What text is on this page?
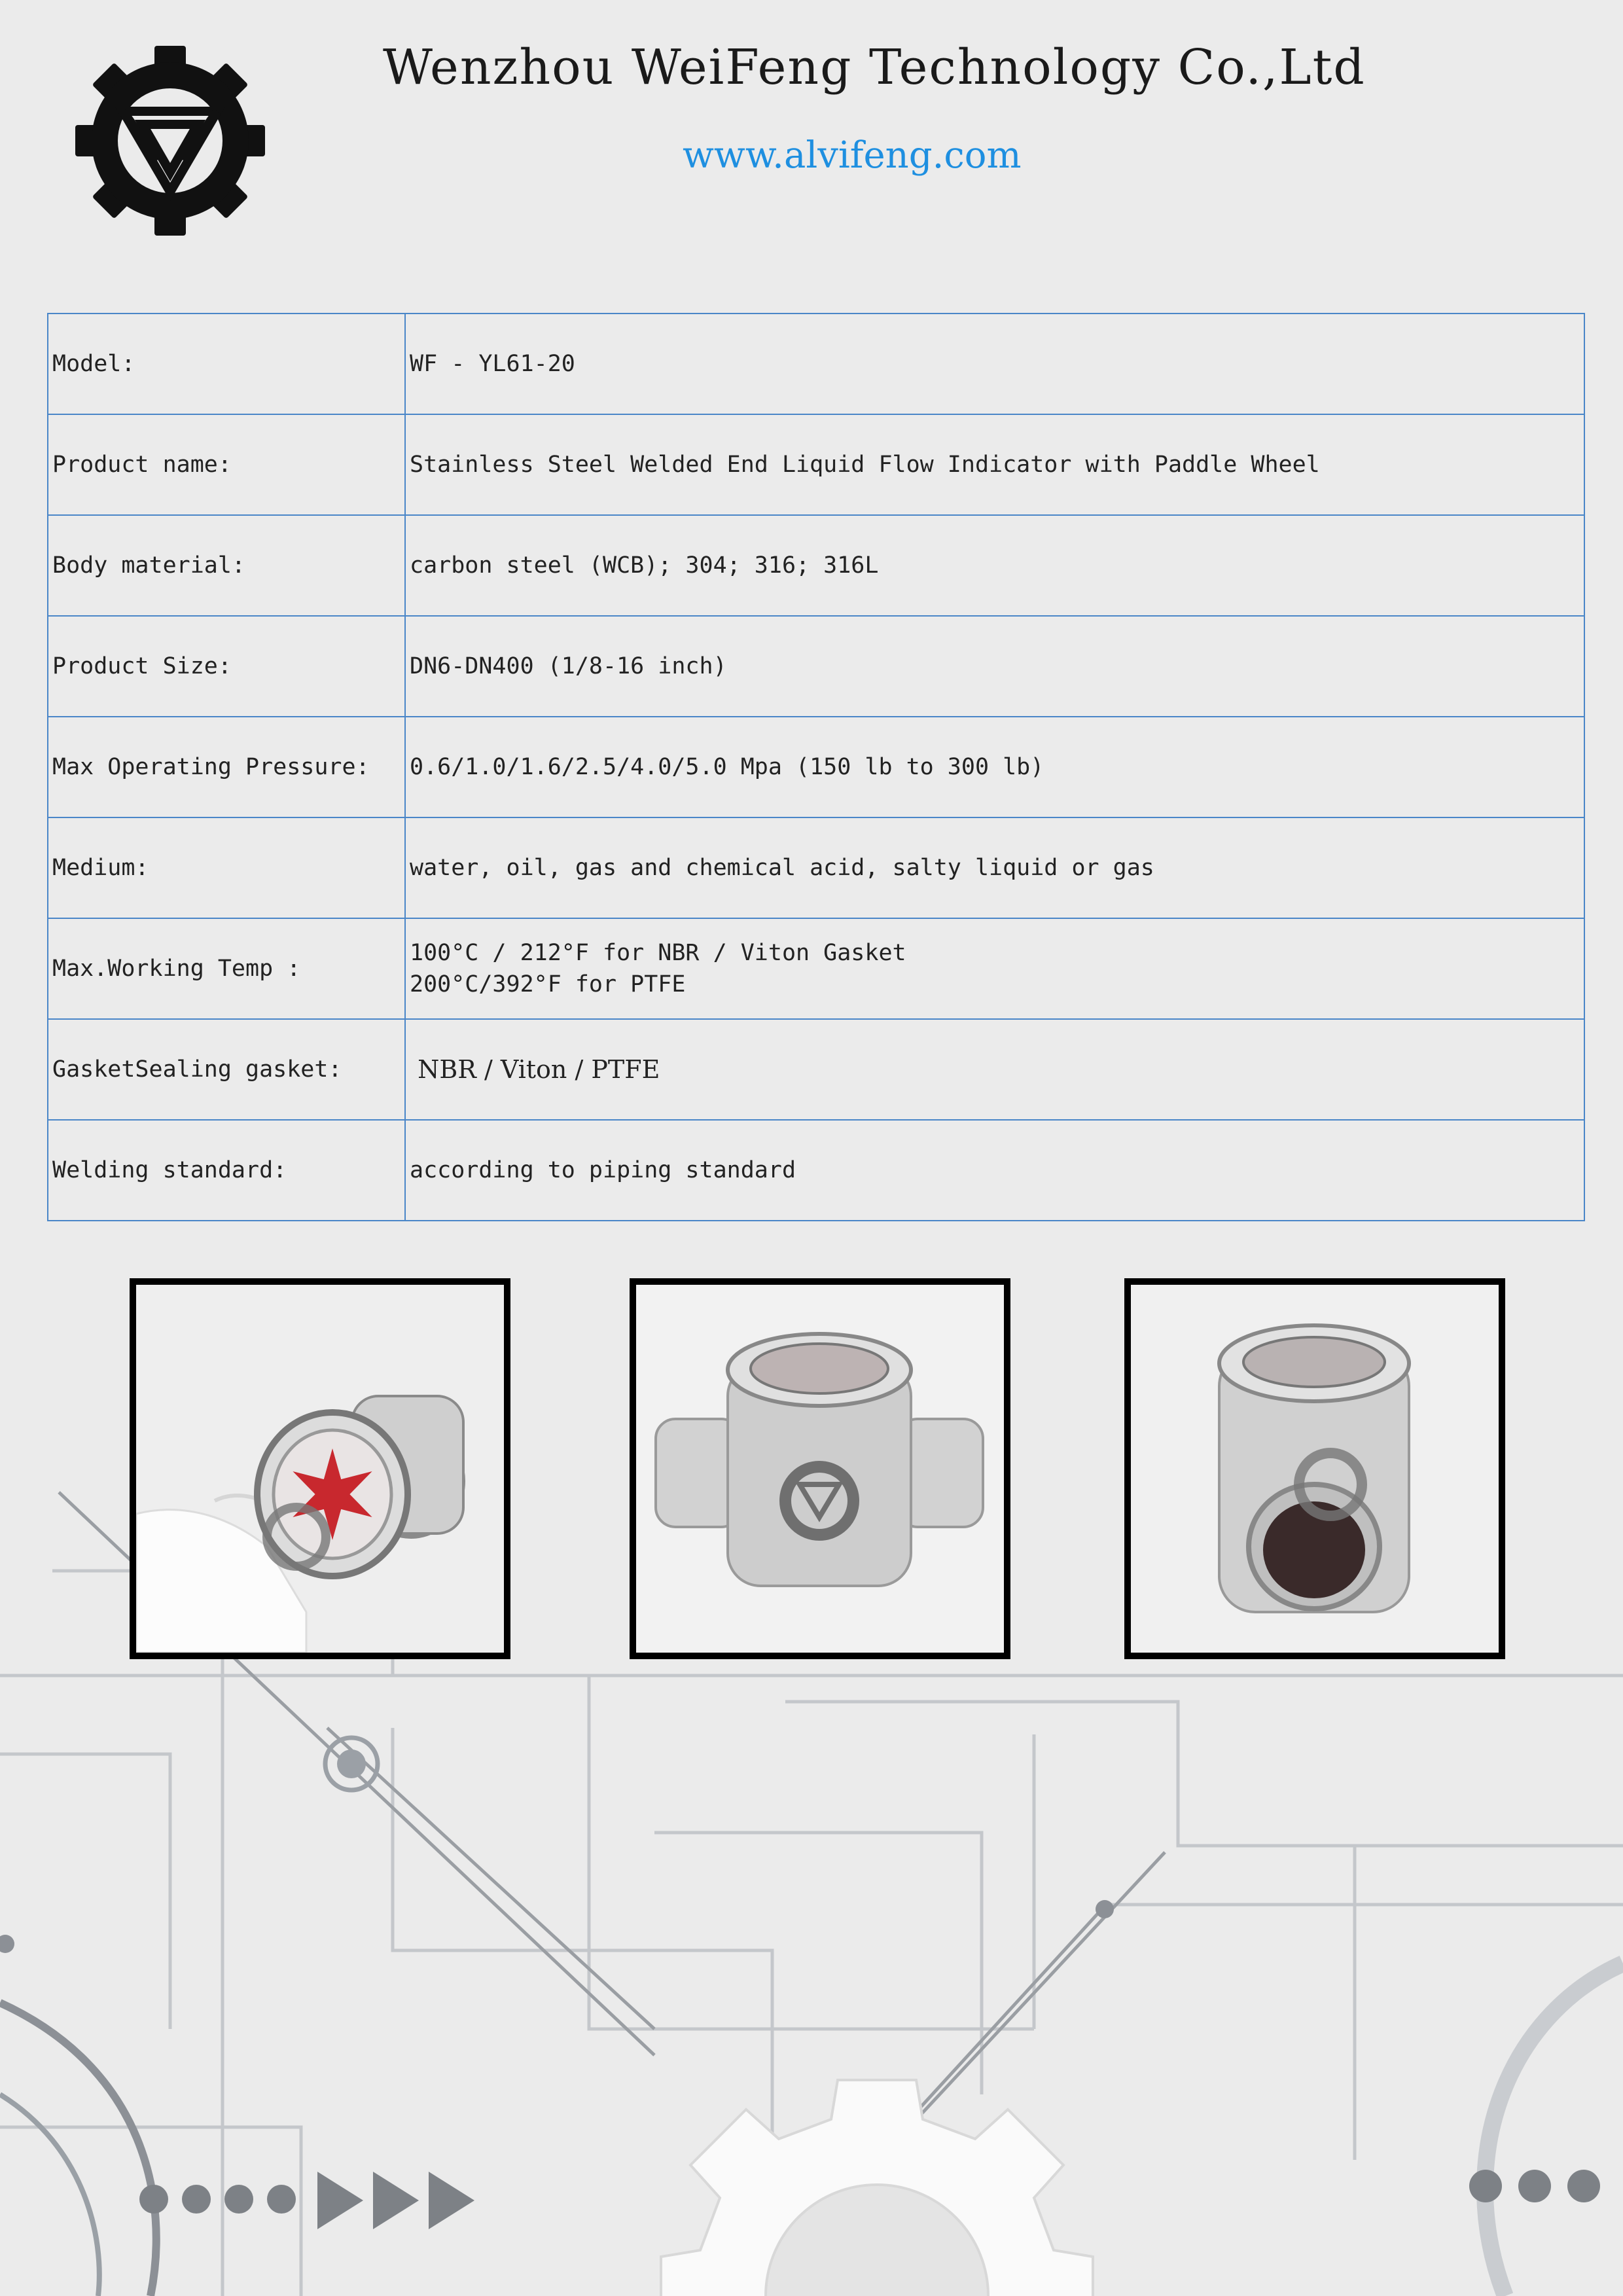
Wenzhou WeiFeng Technology Co.,Ltd
www.alvifeng.com
Model:	WF - YL61-20
Product name:	Stainless Steel Welded End Liquid Flow Indicator with Paddle Wheel
Body material:	carbon steel (WCB); 304; 316; 316L
Product Size:	DN6-DN400 (1/8-16 inch)
Max Operating Pressure:	0.6/1.0/1.6/2.5/4.0/5.0 Mpa (150 lb to 300 lb)
Medium:	water, oil, gas and chemical acid, salty liquid or gas
Max.Working Temp :	100°C / 212°F for NBR / Viton Gasket
200°C/392°F for PTFE

GasketSealing gasket:	NBR / Viton / PTFE
Welding standard:	according to piping standard
